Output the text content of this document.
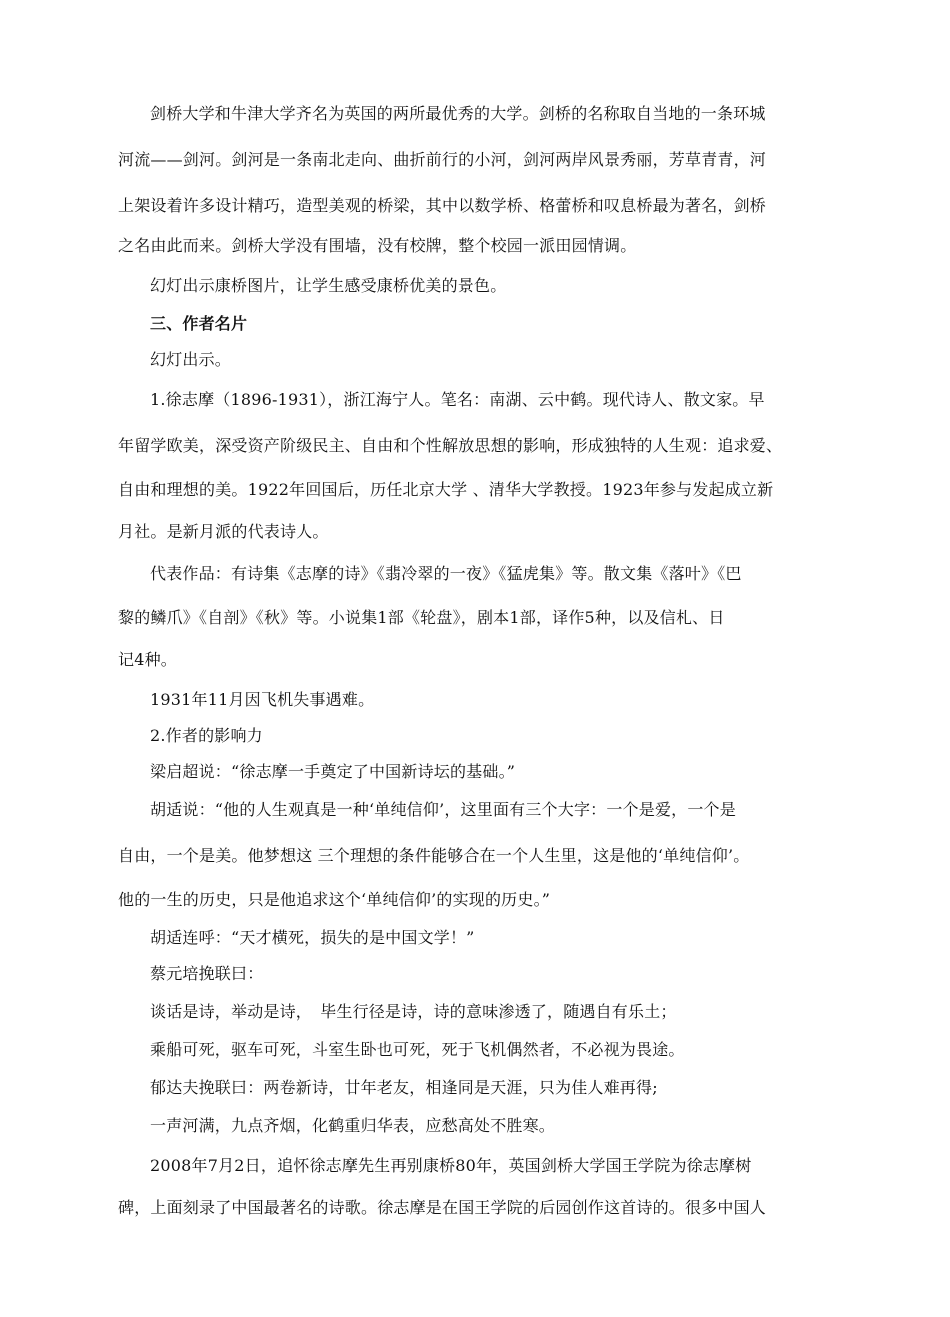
剑桥大学和牛津大学齐名为英国的两所最优秀的大学。剑桥的名称取自当地的一条环城

河流——剑河。剑河是一条南北走向、曲折前行的小河，剑河两岸风景秀丽，芳草青青，河

上架设着许多设计精巧，造型美观的桥梁，其中以数学桥、格蕾桥和叹息桥最为著名，剑桥

之名由此而来。剑桥大学没有围墙，没有校牌，整个校园一派田园情调。

幻灯出示康桥图片，让学生感受康桥优美的景色。

三、作者名片

幻灯出示。

1.徐志摩（1896-1931），浙江海宁人。笔名：南湖、云中鹤。现代诗人、散文家。早

年留学欧美，深受资产阶级民主、自由和个性解放思想的影响，形成独特的人生观：追求爱、

自由和理想的美。1922年回国后，历任北京大学 、清华大学教授。1923年参与发起成立新

月社。是新月派的代表诗人。

代表作品：有诗集《志摩的诗》《翡冷翠的一夜》《猛虎集》等。散文集《落叶》《巴

黎的鳞爪》《自剖》《秋》等。小说集1部《轮盘》，剧本1部，译作5种，以及信札、日

记4种。

1931年11月因飞机失事遇难。

2.作者的影响力

梁启超说：“徐志摩一手奠定了中国新诗坛的基础。”

胡适说：“他的人生观真是一种‘单纯信仰’，这里面有三个大字：一个是爱，一个是

自由，一个是美。他梦想这 三个理想的条件能够合在一个人生里，这是他的‘单纯信仰’。

他的一生的历史，只是他追求这个‘单纯信仰’的实现的历史。”

胡适连呼：“天才横死，损失的是中国文学！”

蔡元培挽联曰：

谈话是诗，举动是诗，　毕生行径是诗，诗的意味渗透了，随遇自有乐土；

乘船可死，驱车可死，斗室生卧也可死，死于飞机偶然者，不必视为畏途。

郁达夫挽联曰：两卷新诗，廿年老友，相逢同是天涯，只为佳人难再得;

一声河满，九点齐烟，化鹤重归华表，应愁高处不胜寒。

2008年7月2日，追怀徐志摩先生再别康桥80年，英国剑桥大学国王学院为徐志摩树

碑，上面刻录了中国最著名的诗歌。徐志摩是在国王学院的后园创作这首诗的。很多中国人
